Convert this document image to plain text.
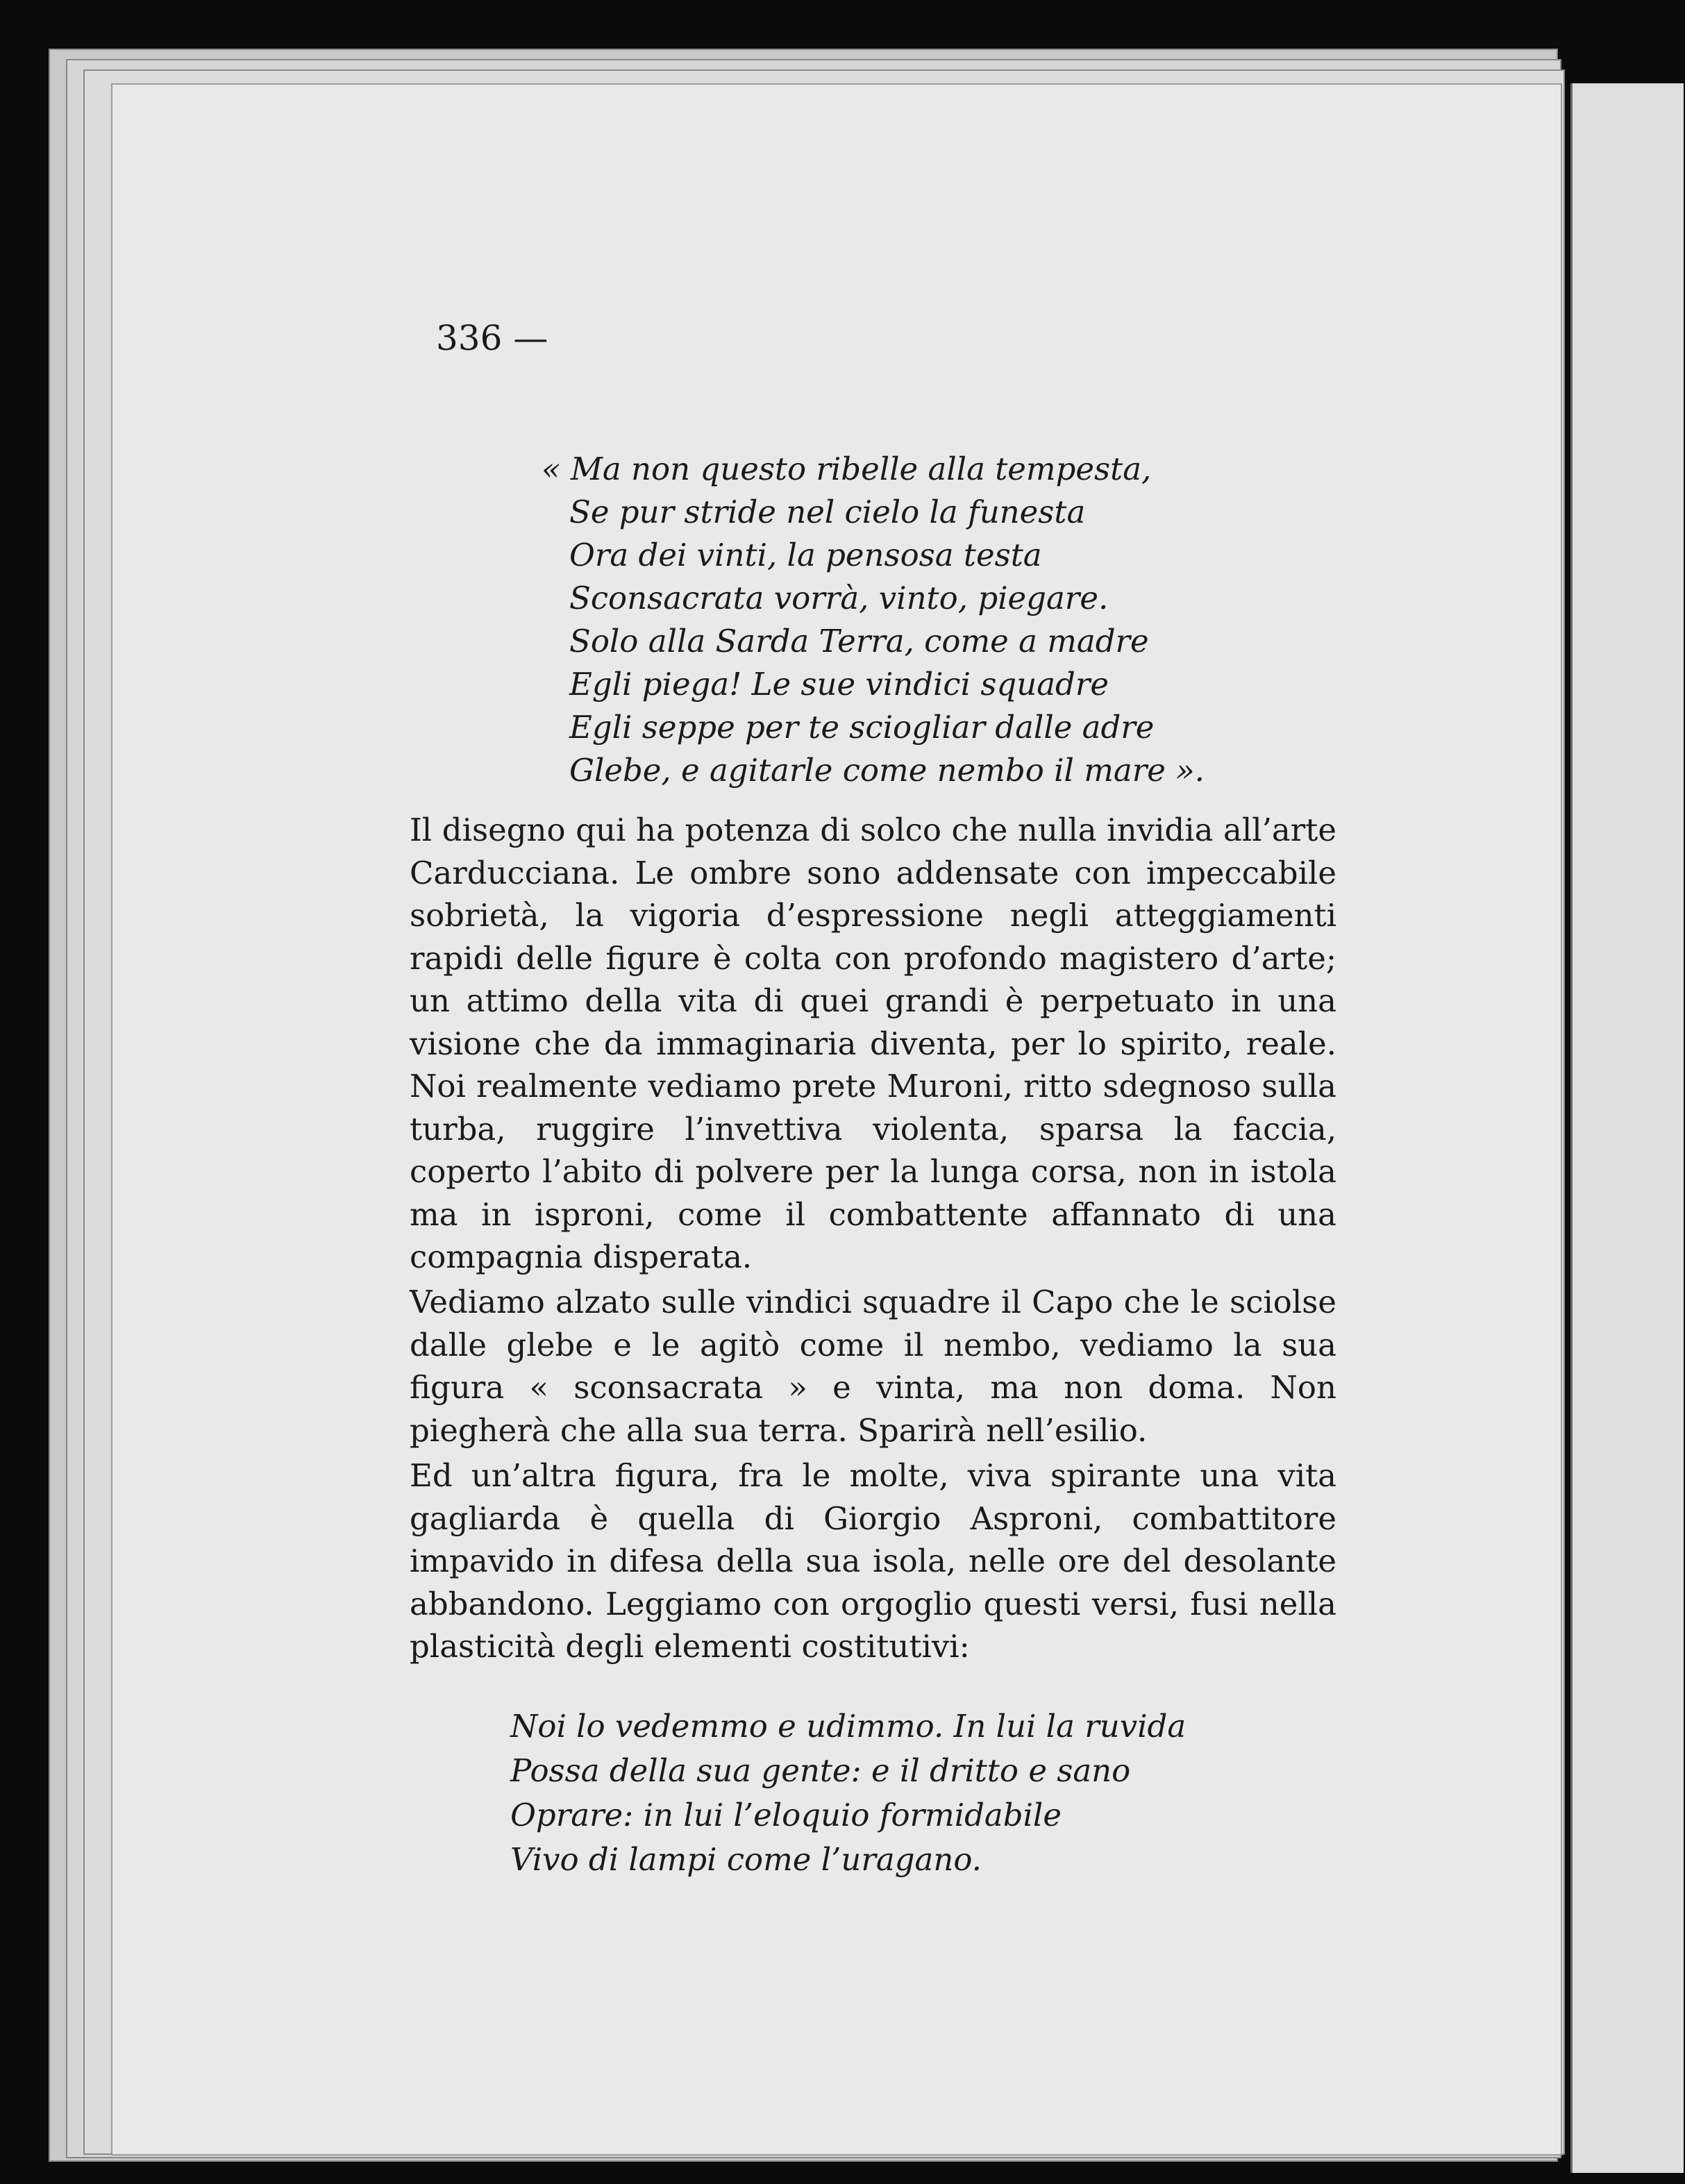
336 —

« Ma non questo ribelle alla tempesta,
Se pur stride nel cielo la funesta
Ora dei vinti, la pensosa testa
Sconsacrata vorrà, vinto, piegare.
Solo alla Sarda Terra, come a madre
Egli piega! Le sue vindici squadre
Egli seppe per te sciogliar dalle adre
Glebe, e agitarle come nembo il mare ».

Il disegno qui ha potenza di solco che nulla invidia all’arte Carducciana. Le ombre sono addensate con impeccabile sobrietà, la vigoria d’espressione negli atteggiamenti rapidi delle figure è colta con profondo magistero d’arte; un attimo della vita di quei grandi è perpetuato in una visione che da immaginaria diventa, per lo spirito, reale. Noi realmente vediamo prete Muroni, ritto sdegnoso sulla turba, ruggire l’invettiva violenta, sparsa la faccia, coperto l’abito di polvere per la lunga corsa, non in istola ma in isproni, come il combattente affannato di una compagnia disperata.

Vediamo alzato sulle vindici squadre il Capo che le sciolse dalle glebe e le agitò come il nembo, vediamo la sua figura « sconsacrata » e vinta, ma non doma. Non piegherà che alla sua terra. Sparirà nell’esilio.

Ed un’altra figura, fra le molte, viva spirante una vita gagliarda è quella di Giorgio Asproni, combattitore impavido in difesa della sua isola, nelle ore del desolante abbandono. Leggiamo con orgoglio questi versi, fusi nella plasticità degli elementi costitutivi:

Noi lo vedemmo e udimmo. In lui la ruvida
Possa della sua gente: e il dritto e sano
Oprare: in lui l’eloquio formidabile
Vivo di lampi come l’uragano.
